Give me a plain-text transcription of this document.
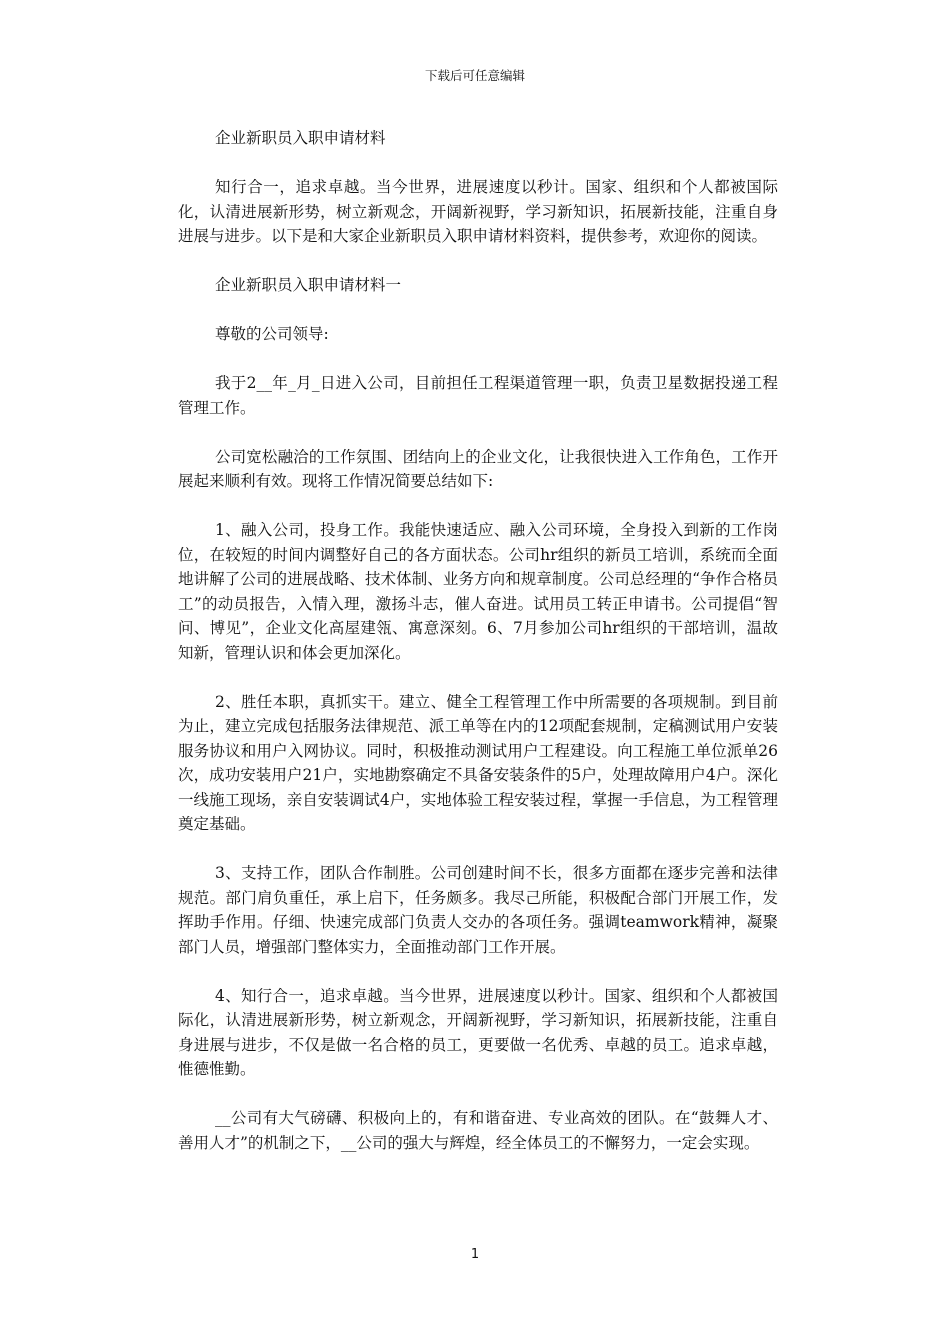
下载后可任意编辑

企业新职员入职申请材料

知行合一，追求卓越。当今世界，进展速度以秒计。国家、组织和个人都被国际化，认清进展新形势，树立新观念，开阔新视野，学习新知识，拓展新技能，注重自身进展与进步。以下是和大家企业新职员入职申请材料资料，提供参考，欢迎你的阅读。

企业新职员入职申请材料一

尊敬的公司领导:

我于2__年_月_日进入公司，目前担任工程渠道管理一职，负责卫星数据投递工程管理工作。

公司宽松融洽的工作氛围、团结向上的企业文化，让我很快进入工作角色，工作开展起来顺利有效。现将工作情况简要总结如下:

1、融入公司，投身工作。我能快速适应、融入公司环境，全身投入到新的工作岗位，在较短的时间内调整好自己的各方面状态。公司hr组织的新员工培训，系统而全面地讲解了公司的进展战略、技术体制、业务方向和规章制度。公司总经理的“争作合格员工”的动员报告，入情入理，激扬斗志，催人奋进。试用员工转正申请书。公司提倡“智问、博见”，企业文化高屋建瓴、寓意深刻。6、7月参加公司hr组织的干部培训，温故知新，管理认识和体会更加深化。

2、胜任本职，真抓实干。建立、健全工程管理工作中所需要的各项规制。到目前为止，建立完成包括服务法律规范、派工单等在内的12项配套规制，定稿测试用户安装服务协议和用户入网协议。同时，积极推动测试用户工程建设。向工程施工单位派单26次，成功安装用户21户，实地勘察确定不具备安装条件的5户，处理故障用户4户。深化一线施工现场，亲自安装调试4户，实地体验工程安装过程，掌握一手信息，为工程管理奠定基础。

3、支持工作，团队合作制胜。公司创建时间不长，很多方面都在逐步完善和法律规范。部门肩负重任，承上启下，任务颇多。我尽己所能，积极配合部门开展工作，发挥助手作用。仔细、快速完成部门负责人交办的各项任务。强调teamwork精神，凝聚部门人员，增强部门整体实力，全面推动部门工作开展。

4、知行合一，追求卓越。当今世界，进展速度以秒计。国家、组织和个人都被国际化，认清进展新形势，树立新观念，开阔新视野，学习新知识，拓展新技能，注重自身进展与进步，不仅是做一名合格的员工，更要做一名优秀、卓越的员工。追求卓越，惟德惟勤。

__公司有大气磅礴、积极向上的，有和谐奋进、专业高效的团队。在“鼓舞人才、善用人才”的机制之下，__公司的强大与辉煌，经全体员工的不懈努力，一定会实现。

1
